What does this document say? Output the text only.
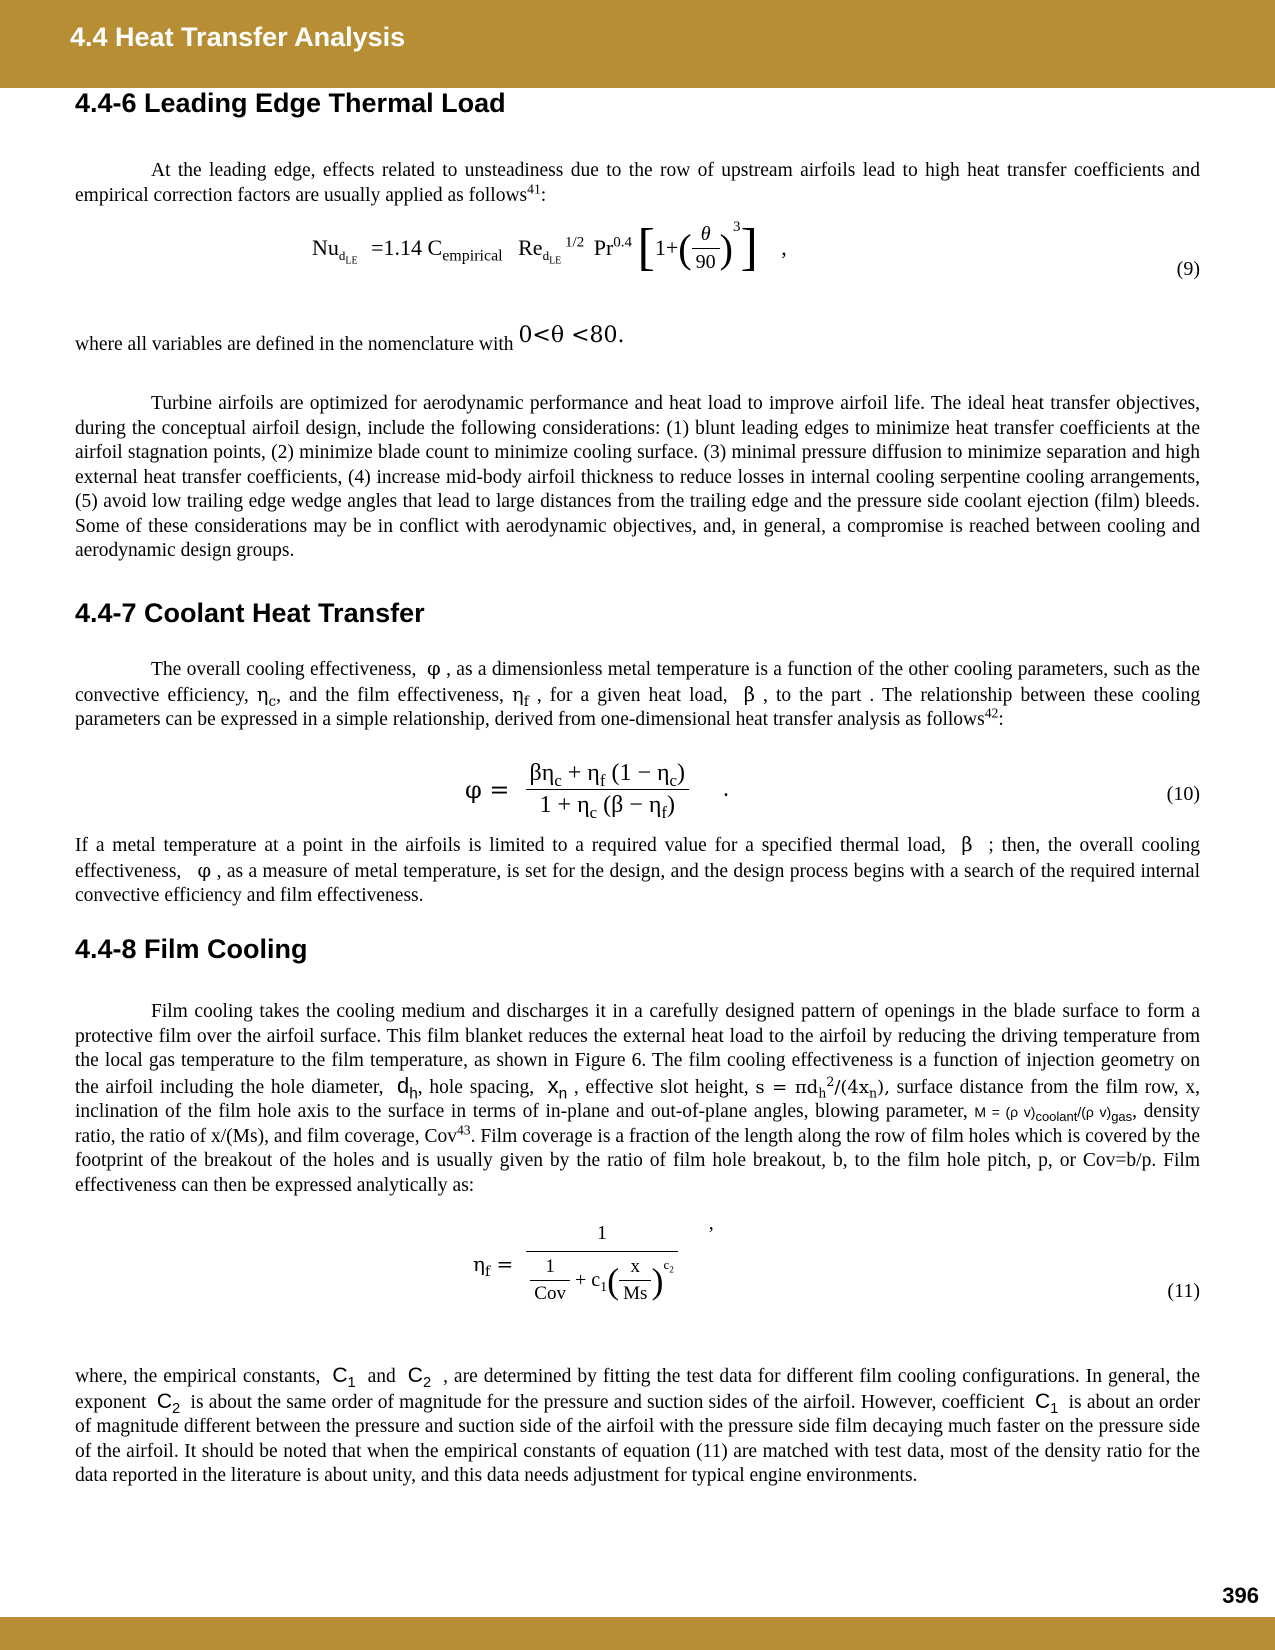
4.4 Heat Transfer Analysis
4.4-6 Leading Edge Thermal Load

At the leading edge, effects related to unsteadiness due to the row of upstream airfoils lead to high heat transfer coefficients and empirical correction factors are usually applied as follows$^{41}$:

$Nu_{d_{LE}} =1.14$ $C_{empirical}$ $Re_{d_{LE}}$ $^{1/2}$ $Pr^{0.4}$ $[1+( \frac{\theta}{90} )^3]$ ,
(9)

where all variables are defined in the nomenclature with 0<θ <80.

Turbine airfoils are optimized for aerodynamic performance and heat load to improve airfoil life. The ideal heat transfer objectives, during the conceptual airfoil design, include the following considerations: (1) blunt leading edges to minimize heat transfer coefficients at the airfoil stagnation points, (2) minimize blade count to minimize cooling surface. (3) minimal pressure diffusion to minimize separation and high external heat transfer coefficients, (4) increase mid-body airfoil thickness to reduce losses in internal cooling serpentine cooling arrangements, (5) avoid low trailing edge wedge angles that lead to large distances from the trailing edge and the pressure side coolant ejection (film) bleeds. Some of these considerations may be in conflict with aerodynamic objectives, and, in general, a compromise is reached between cooling and aerodynamic design groups.

4.4-7 Coolant Heat Transfer

The overall cooling effectiveness, φ , as a dimensionless metal temperature is a function of the other cooling parameters, such as the convective efficiency, $\eta_c$, and the film effectiveness, $\eta_f$ , for a given heat load, β , to the part . The relationship between these cooling parameters can be expressed in a simple relationship, derived from one-dimensional heat transfer analysis as follows$^{42}$:

$\varphi = \frac{\beta\eta_c + \eta_f (1 - \eta_c)}{1 + \eta_c (\beta - \eta_f)}$ .	(10)

If a metal temperature at a point in the airfoils is limited to a required value for a specified thermal load, β ; then, the overall cooling effectiveness, φ , as a measure of metal temperature, is set for the design, and the design process begins with a search of the required internal convective efficiency and film effectiveness.

4.4-8 Film Cooling

Film cooling takes the cooling medium and discharges it in a carefully designed pattern of openings in the blade surface to form a protective film over the airfoil surface. This film blanket reduces the external heat load to the airfoil by reducing the driving temperature from the local gas temperature to the film temperature, as shown in Figure 6. The film cooling effectiveness is a function of injection geometry on the airfoil including the hole diameter, $d_h$, hole spacing, $x_n$ , effective slot height, $s = \pi d_h^2/(4x_n)$, surface distance from the film row, x, inclination of the film hole axis to the surface in terms of in-plane and out-of-plane angles, blowing parameter, M = (ρ $v)_{coolant}/(\rho$ $v)_{gas}$, density ratio, the ratio of x/(Ms), and film coverage, Cov$^{43}$. Film coverage is a fraction of the length along the row of film holes which is covered by the footprint of the breakout of the holes and is usually given by the ratio of film hole breakout, b, to the film hole pitch, p, or Cov=b/p. Film effectiveness can then be expressed analytically as:

$\eta_f = \frac{1}{\frac{1}{\text{Cov}} + c_1( \frac{x}{Ms} )^{c_2}}$ ,
(11)

where, the empirical constants, $C_1$ and $C_2$ , are determined by fitting the test data for different film cooling configurations. In general, the exponent $C_2$ is about the same order of magnitude for the pressure and suction sides of the airfoil. However, coefficient $C_1$ is about an order of magnitude different between the pressure and suction side of the airfoil with the pressure side film decaying much faster on the pressure side of the airfoil. It should be noted that when the empirical constants of equation (11) are matched with test data, most of the density ratio for the data reported in the literature is about unity, and this data needs adjustment for typical engine environments.

396
